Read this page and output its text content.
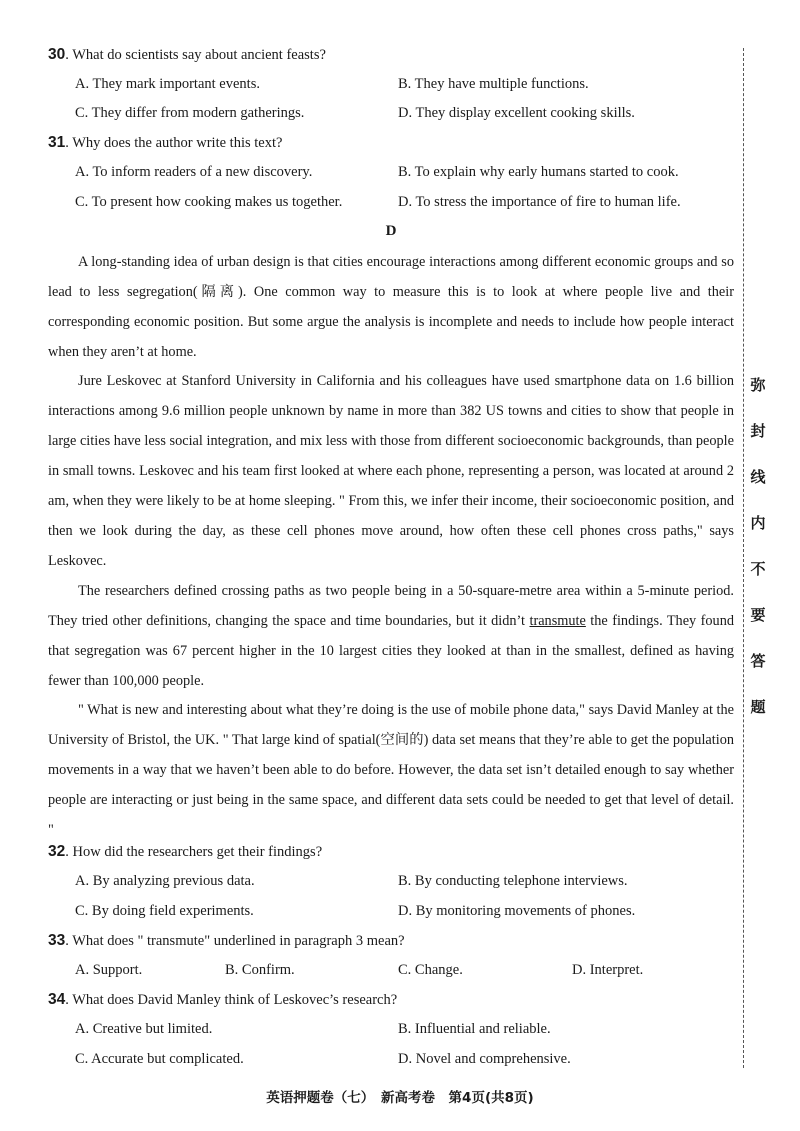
30. What do scientists say about ancient feasts?
A. They mark important events.	B. They have multiple functions.
C. They differ from modern gatherings.	D. They display excellent cooking skills.
31. Why does the author write this text?
A. To inform readers of a new discovery.	B. To explain why early humans started to cook.
C. To present how cooking makes us together.	D. To stress the importance of fire to human life.
D

A long-standing idea of urban design is that cities encourage interactions among different economic groups and so lead to less segregation(隔离). One common way to measure this is to look at where people live and their corresponding economic position. But some argue the analysis is incomplete and needs to include how people interact when they aren’t at home.

Jure Leskovec at Stanford University in California and his colleagues have used smartphone data on 1.6 billion interactions among 9.6 million people unknown by name in more than 382 US towns and cities to show that people in large cities have less social integration, and mix less with those from different socioeconomic backgrounds, than people in small towns. Leskovec and his team first looked at where each phone, representing a person, was located at around 2 am, when they were likely to be at home sleeping. " From this, we infer their income, their socioeconomic position, and then we look during the day, as these cell phones move around, how often these cell phones cross paths," says Leskovec.

The researchers defined crossing paths as two people being in a 50-square-metre area within a 5-minute period. They tried other definitions, changing the space and time boundaries, but it didn’t transmute the findings. They found that segregation was 67 percent higher in the 10 largest cities they looked at than in the smallest, defined as having fewer than 100,000 people.

" What is new and interesting about what they’re doing is the use of mobile phone data," says David Manley at the University of Bristol, the UK. " That large kind of spatial(空间的) data set means that they’re able to get the population movements in a way that we haven’t been able to do before. However, the data set isn’t detailed enough to say whether people are interacting or just being in the same space, and different data sets could be needed to get that level of detail. "

32. How did the researchers get their findings?
A. By analyzing previous data.	B. By conducting telephone interviews.
C. By doing field experiments.	D. By monitoring movements of phones.
33. What does " transmute" underlined in paragraph 3 mean?
A. Support.	B. Confirm.	C. Change.	D. Interpret.
34. What does David Manley think of Leskovec’s research?
A. Creative but limited.	B. Influential and reliable.
C. Accurate but complicated.	D. Novel and comprehensive.
弥
封
线
内
不
要
答
题
英语押题卷（七）　新高考卷　第4页(共8页)
